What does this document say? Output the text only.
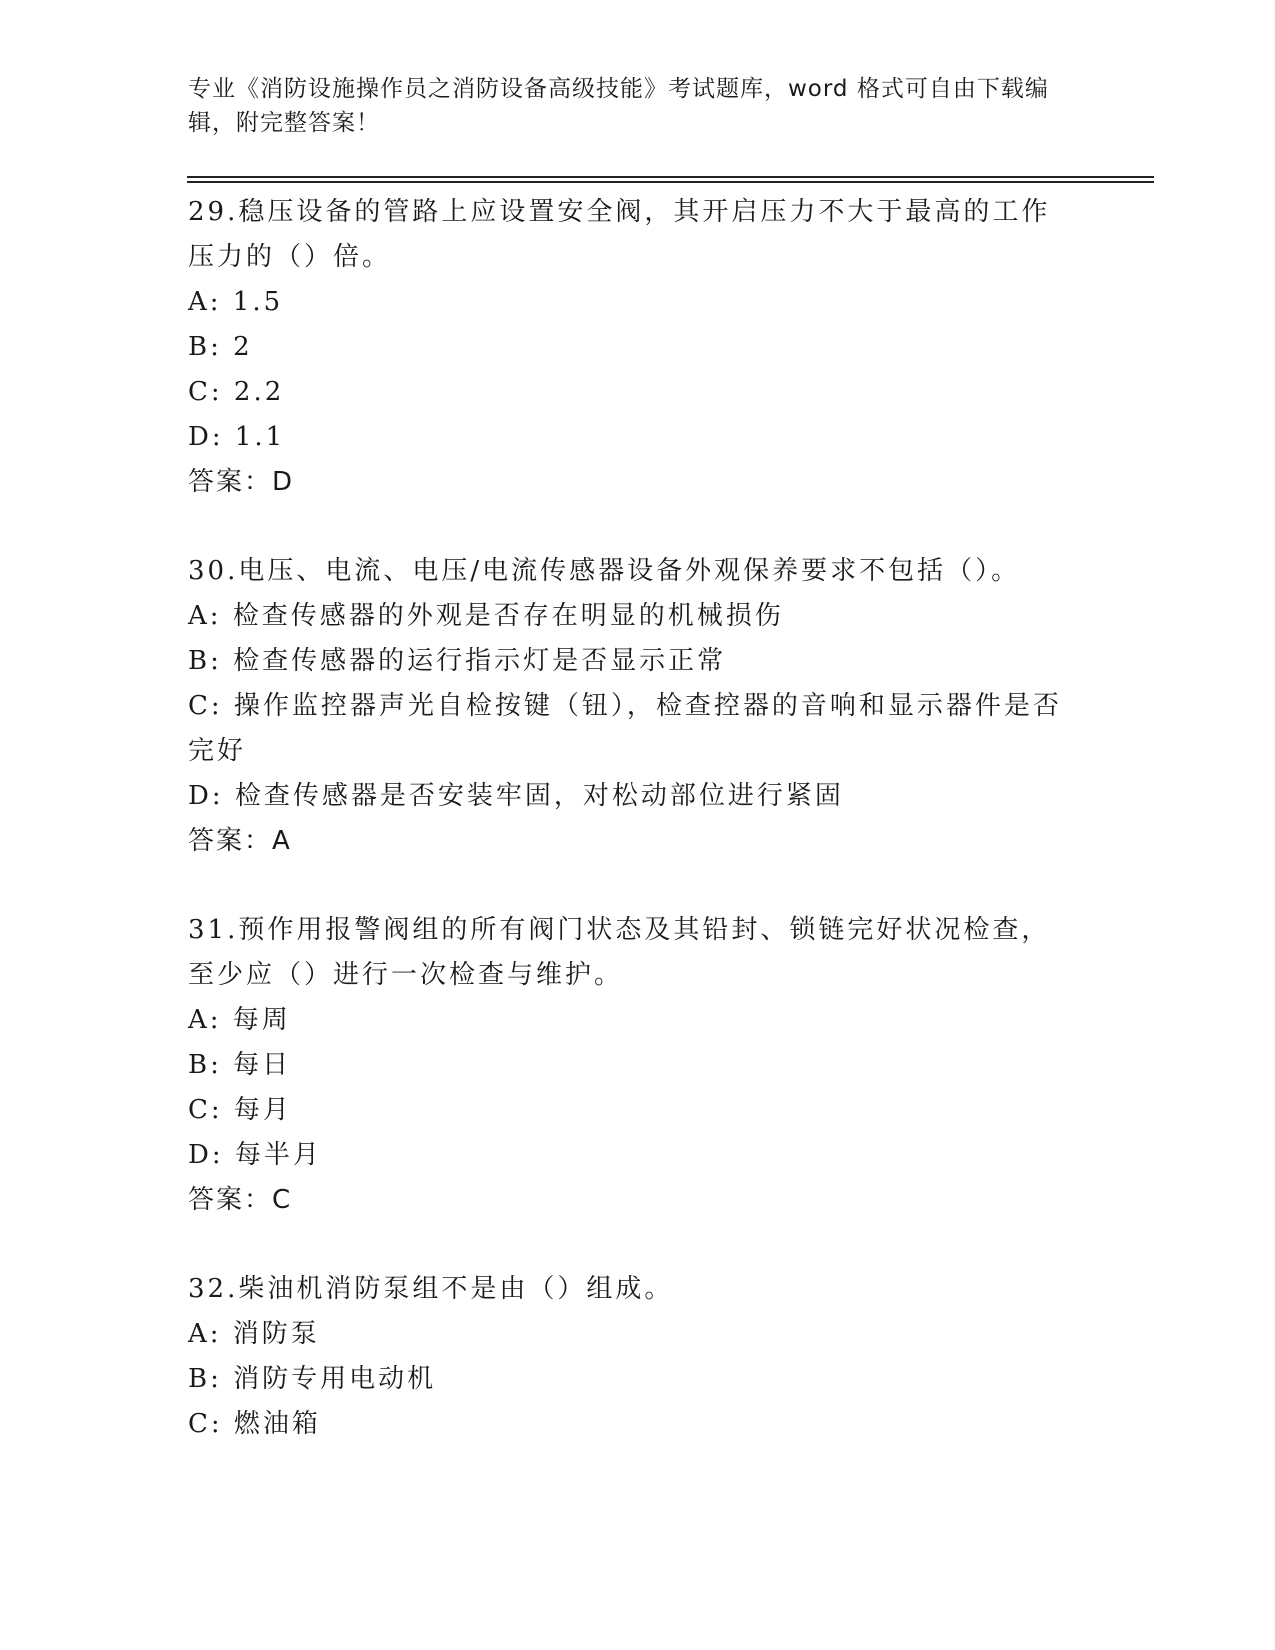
专业《消防设施操作员之消防设备高级技能》考试题库，word 格式可自由下载编辑，附完整答案！

29.稳压设备的管路上应设置安全阀，其开启压力不大于最高的工作压力的（）倍。

A: 1.5

B: 2

C: 2.2

D: 1.1

答案：D

30.电压、电流、电压/电流传感器设备外观保养要求不包括（）。

A: 检查传感器的外观是否存在明显的机械损伤

B: 检查传感器的运行指示灯是否显示正常

C: 操作监控器声光自检按键（钮），检查控器的音响和显示器件是否完好

D: 检查传感器是否安装牢固，对松动部位进行紧固

答案：A

31.预作用报警阀组的所有阀门状态及其铅封、锁链完好状况检查，至少应（）进行一次检查与维护。

A: 每周

B: 每日

C: 每月

D: 每半月

答案：C

32.柴油机消防泵组不是由（）组成。

A: 消防泵

B: 消防专用电动机

C: 燃油箱
